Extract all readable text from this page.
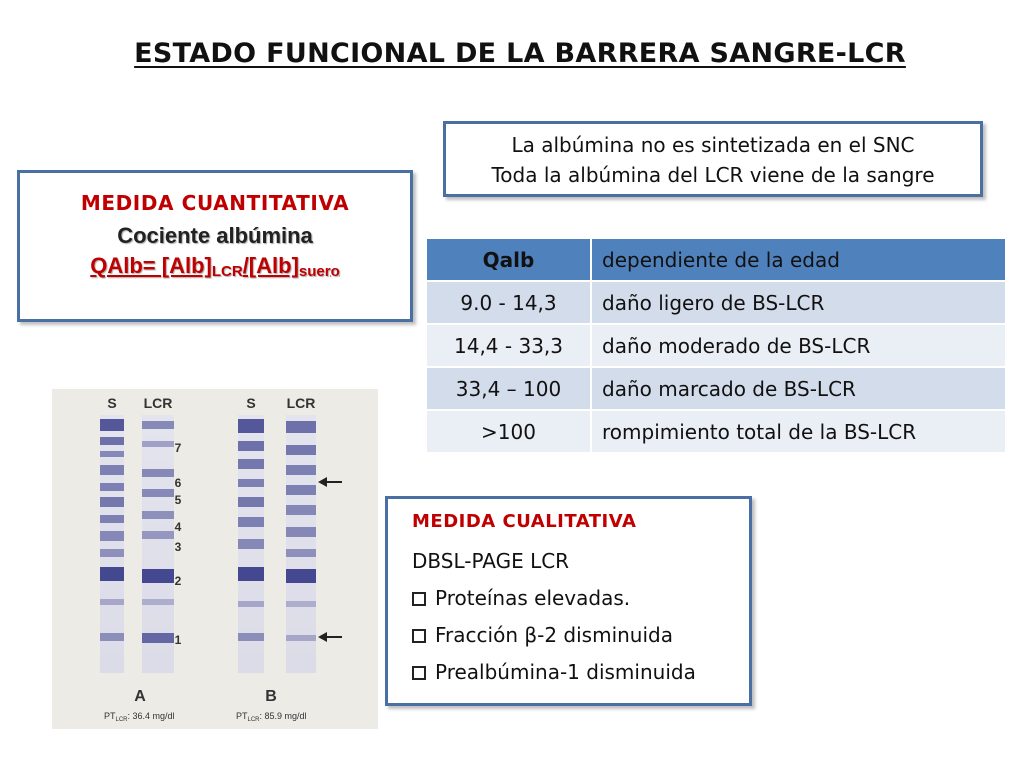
ESTADO FUNCIONAL DE LA BARRERA SANGRE-LCR
MEDIDA CUANTITATIVA
Cociente albúmina
QAlb= $[Alb]_{LCR}/[Alb]_{suero}$
La albúmina no es sintetizada en el SNC
Toda la albúmina del LCR viene de la sangre
Qalb	dependiente de la edad
9.0 - 14,3	daño ligero de BS-LCR
14,4 - 33,3	daño moderado de BS-LCR
33,4 – 100	daño marcado de BS-LCR
>100	rompimiento total de la BS-LCR
S LCR	S LCR
7
6
5
4
3
2
1
A	B
$PT_{LCR}$: 36.4 mg/dl	$PT_{LCR}$: 85.9 mg/dl
MEDIDA CUALITATIVA
DBSL-PAGE LCR
Proteínas elevadas.
Fracción β-2 disminuida
Prealbúmina-1 disminuida
